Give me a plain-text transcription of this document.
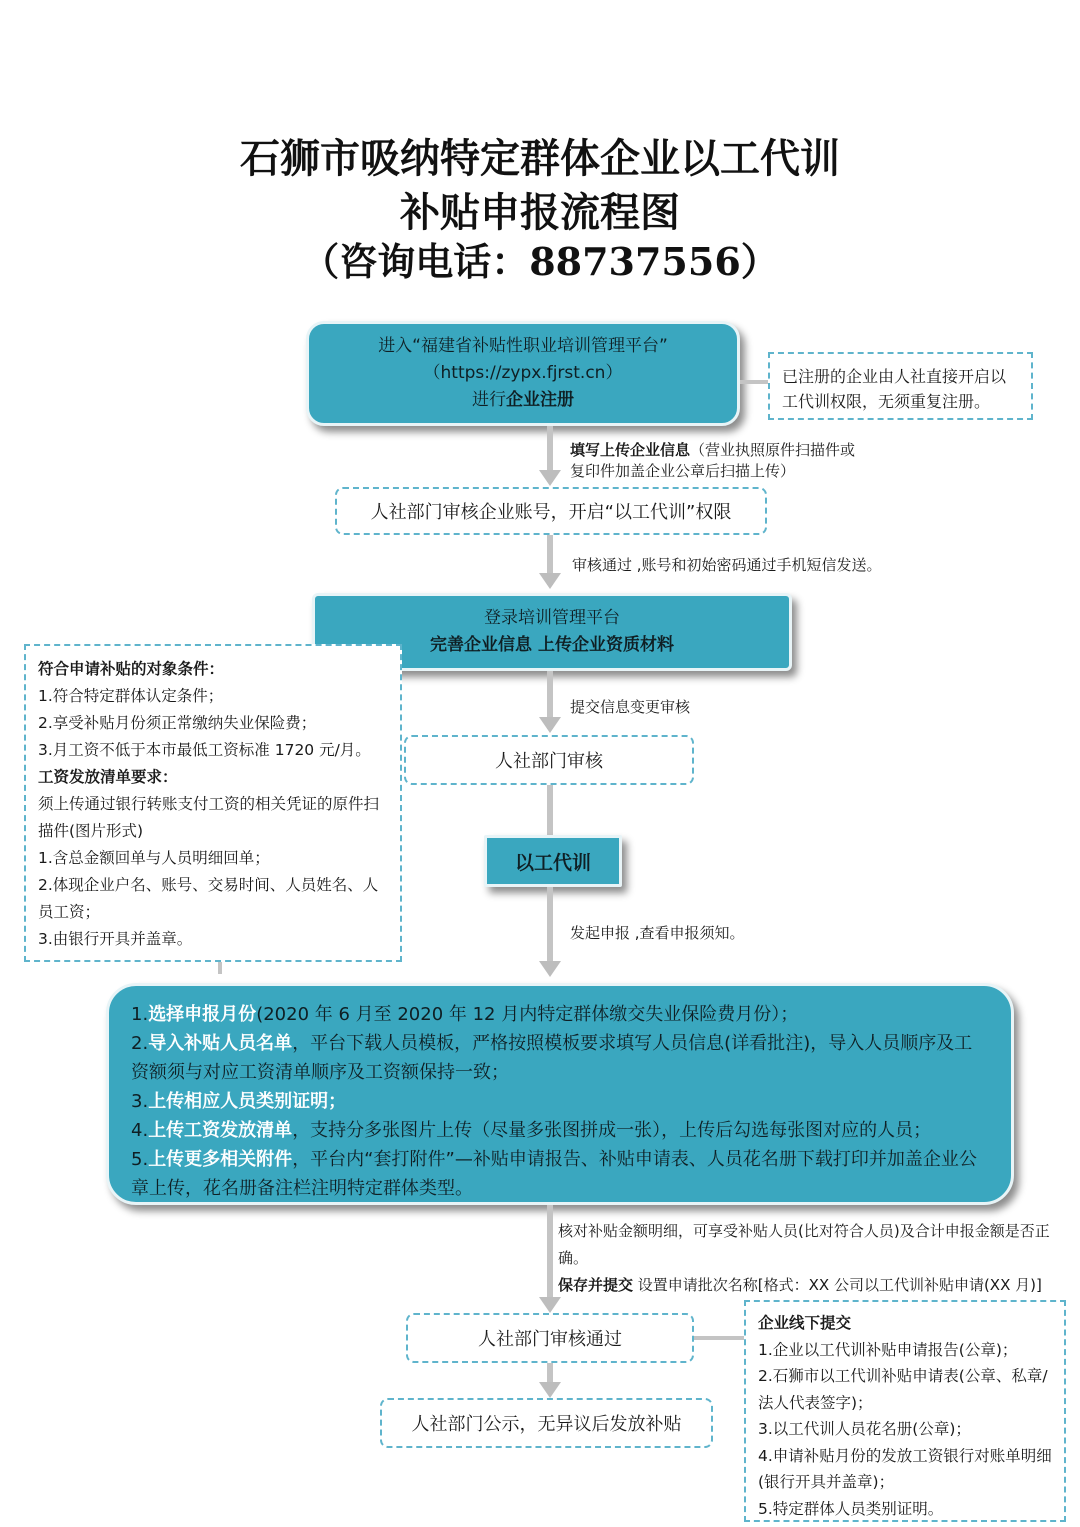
石狮市吸纳特定群体企业以工代训
补贴申报流程图
（咨询电话：88737556）
进入“福建省补贴性职业培训管理平台”
（https://zypx.fjrst.cn）
进行企业注册
已注册的企业由人社直接开启以工代训权限，无须重复注册。
填写上传企业信息（营业执照原件扫描件或复印件加盖企业公章后扫描上传）
人社部门审核企业账号，开启“以工代训”权限
审核通过 ,账号和初始密码通过手机短信发送。
登录培训管理平台
完善企业信息 上传企业资质材料
符合申请补贴的对象条件：
1.符合特定群体认定条件；
2.享受补贴月份须正常缴纳失业保险费；
3.月工资不低于本市最低工资标准 1720 元/月。
工资发放清单要求：
须上传通过银行转账支付工资的相关凭证的原件扫描件(图片形式)
1.含总金额回单与人员明细回单；
2.体现企业户名、账号、交易时间、人员姓名、人员工资；
3.由银行开具并盖章。
提交信息变更审核
人社部门审核
以工代训
发起申报 ,查看申报须知。
1.选择申报月份(2020 年 6 月至 2020 年 12 月内特定群体缴交失业保险费月份）；
2.导入补贴人员名单，平台下载人员模板，严格按照模板要求填写人员信息(详看批注)，导入人员顺序及工资额须与对应工资清单顺序及工资额保持一致；
3.上传相应人员类别证明；
4.上传工资发放清单，支持分多张图片上传（尽量多张图拼成一张），上传后勾选每张图对应的人员；
5.上传更多相关附件，平台内“套打附件”—补贴申请报告、补贴申请表、人员花名册下载打印并加盖企业公章上传，花名册备注栏注明特定群体类型。
核对补贴金额明细，可享受补贴人员(比对符合人员)及合计申报金额是否正确。
保存并提交 设置申请批次名称[格式：XX 公司以工代训补贴申请(XX 月)]
人社部门审核通过
人社部门公示，无异议后发放补贴
企业线下提交
1.企业以工代训补贴申请报告(公章)；
2.石狮市以工代训补贴申请表(公章、私章/法人代表签字)；
3.以工代训人员花名册(公章)；
4.申请补贴月份的发放工资银行对账单明细(银行开具并盖章)；
5.特定群体人员类别证明。
